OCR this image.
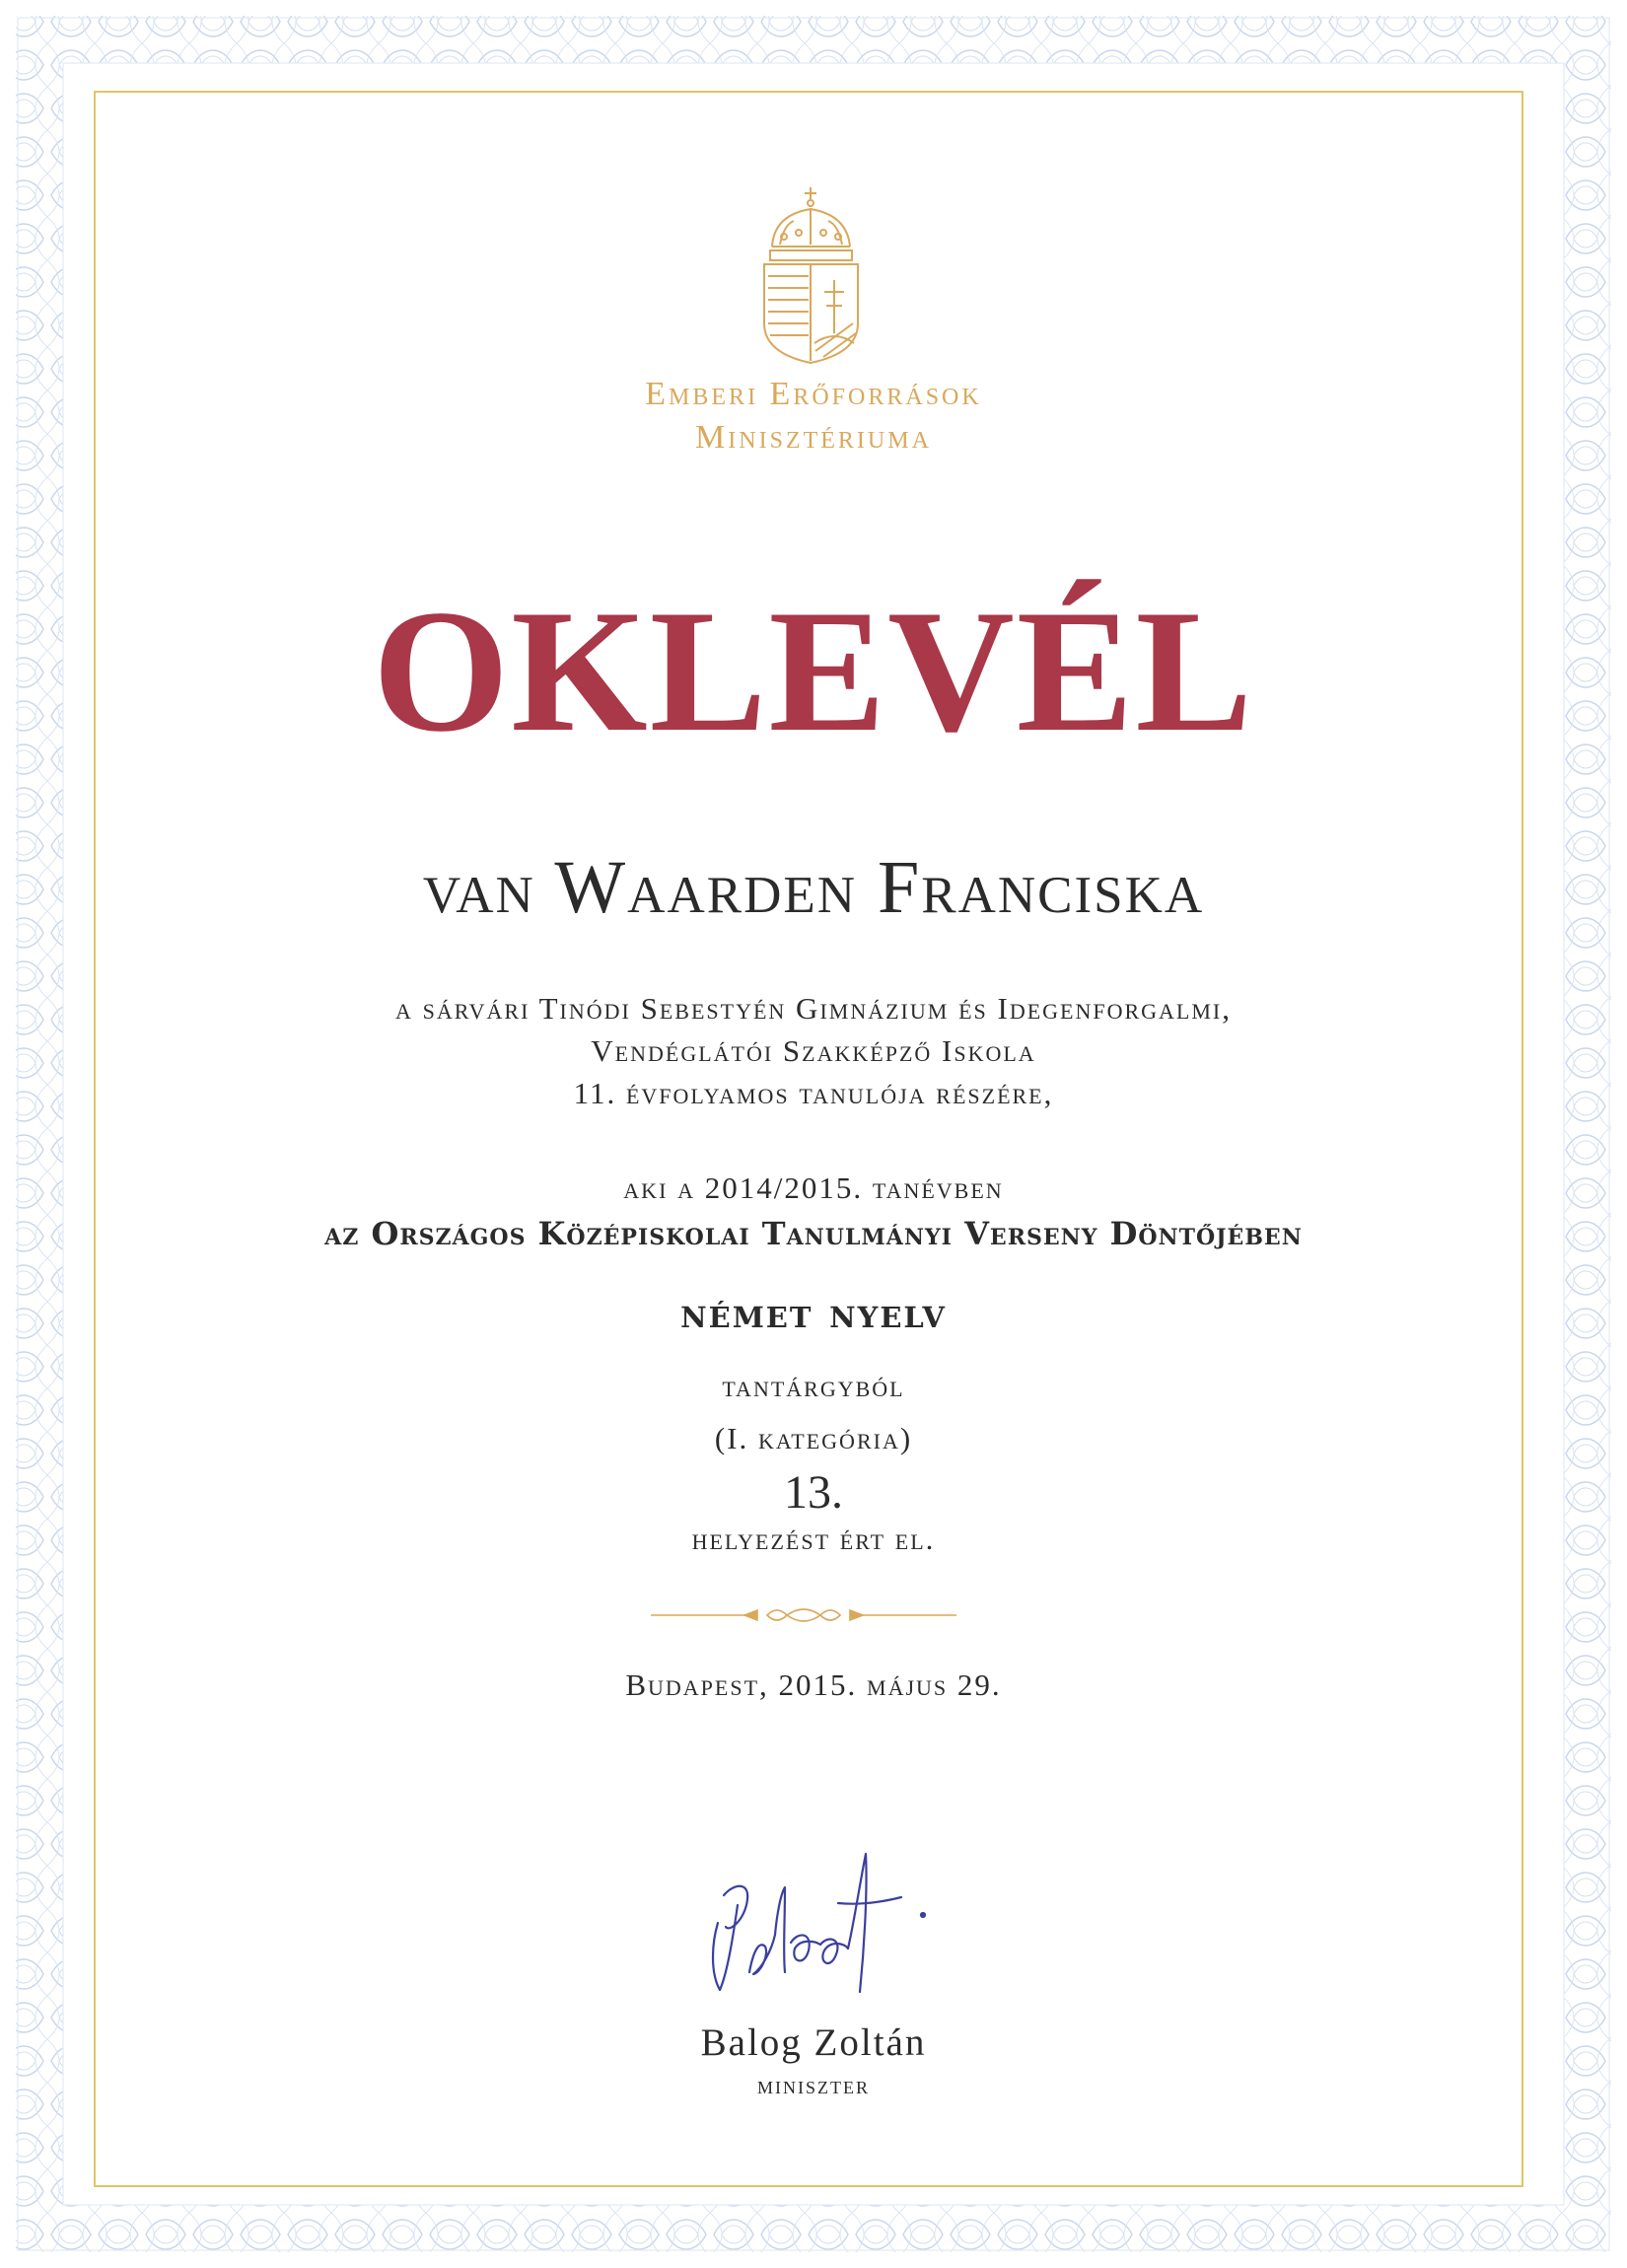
Emberi Erőforrások

Minisztériuma

OKLEVÉL

van Waarden Franciska

a sárvári Tinódi Sebestyén Gimnázium és Idegenforgalmi,

Vendéglátói Szakképző Iskola

11. évfolyamos tanulója részére,

aki a 2014/2015. tanévben

az Országos Középiskolai Tanulmányi Verseny Döntőjében

német nyelv

tantárgyból

(I. kategória)

13.

helyezést ért el.

Budapest, 2015. május 29.

Balog Zoltán

miniszter
